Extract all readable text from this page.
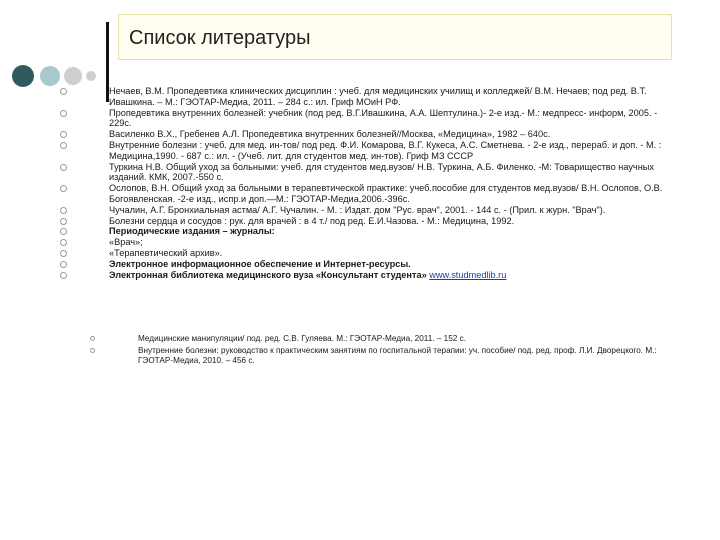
Список литературы

Нечаев, В.М. Пропедевтика клинических дисциплин : учеб. для медицинских училищ и колледжей/ В.М. Нечаев; под ред. В.Т. Ивашкина. – М.: ГЭОТАР-Медиа, 2011. – 284 с.: ил. Гриф МОиН РФ.

Пропедевтика внутренних болезней: учебник (под ред. В.Г.Ивашкина, А.А. Шептулина.)- 2-е изд.- М.: медпресс- информ, 2005. - 229с.

Василенко В.Х., Гребенев А.Л. Пропедевтика внутренних болезней//Москва, «Медицина», 1982 – 640с.

Внутренние болезни : учеб. для мед. ин-тов/ под ред. Ф.И. Комарова, В.Г. Кукеса, А.С. Сметнева. - 2-е изд., перераб. и доп. - М. : Медицина,1990. - 687 с.: ил. - (Учеб. лит. для студентов мед. ин-тов). Гриф МЗ СССР

Туркина Н.В. Общий уход за больными: учеб. для студентов мед.вузов/ Н.В. Туркина, А.Б. Филенко. -М: Товарищество научных изданий. КМК, 2007.-550 с.

Ослопов, В.Н. Общий уход за больными в терапевтической практике: учеб.пособие для студентов мед.вузов/ В.Н. Ослопов, О.В. Богоявленская. -2-е изд., испр.и доп.—М.: ГЭОТАР-Медиа,2006.-396с.

Чучалин, А.Г. Бронхиальная астма/ А.Г. Чучалин. - М. : Издат. дом "Рус. врач", 2001. - 144 с. - (Прил. к журн. "Врач").

Болезни сердца и сосудов : рук. для врачей : в 4 т./ под ред. Е.И.Чазова. - М.: Медицина, 1992.

Периодические издания – журналы:

«Врач»;

«Терапевтический архив».

Электронное информационное обеспечение и Интернет-ресурсы.

Электронная библиотека медицинского вуза «Консультант студента» www.studmedlib.ru

Медицинские манипуляции/ под. ред. С.В. Гуляева. М.: ГЭОТАР-Медиа, 2011. – 152 с.

Внутренние болезни: руководство к практическим занятиям по госпитальной терапии: уч. пособие/ под. ред. проф. Л.И. Дворецкого. М.: ГЭОТАР-Медиа, 2010. – 456 с.
